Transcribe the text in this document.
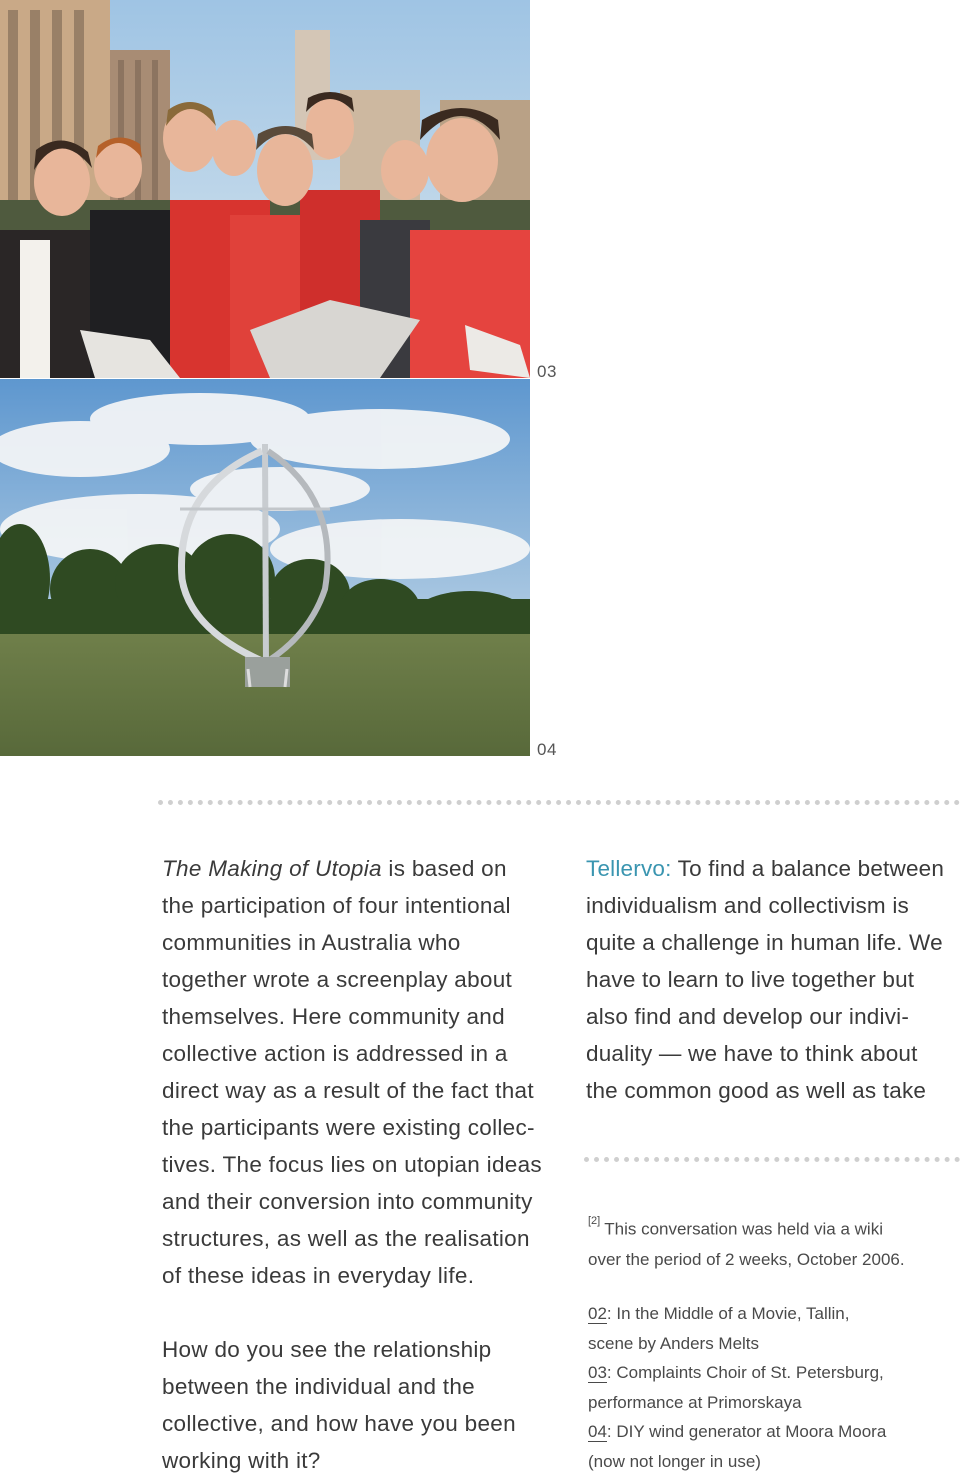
03
04

The Making of Utopia is based on
the participation of four intentional
communities in Australia who
together wrote a screenplay about
themselves. Here community and
collective action is addressed in a
direct way as a result of the fact that
the participants were existing collec-
tives. The focus lies on utopian ideas
and their conversion into community
structures, as well as the realisation
of these ideas in everyday life.

How do you see the relationship
between the individual and the
collective, and how have you been
working with it?

Tellervo: To find a balance between
individualism and collectivism is
quite a challenge in human life. We
have to learn to live together but
also find and develop our indivi-
duality — we have to think about
the common good as well as take
[2] This conversation was held via a wiki
over the period of 2 weeks, October 2006.
02: In the Middle of a Movie, Tallin,
scene by Anders Melts
03: Complaints Choir of St. Petersburg,
performance at Primorskaya
04: DIY wind generator at Moora Moora
(now not longer in use)
